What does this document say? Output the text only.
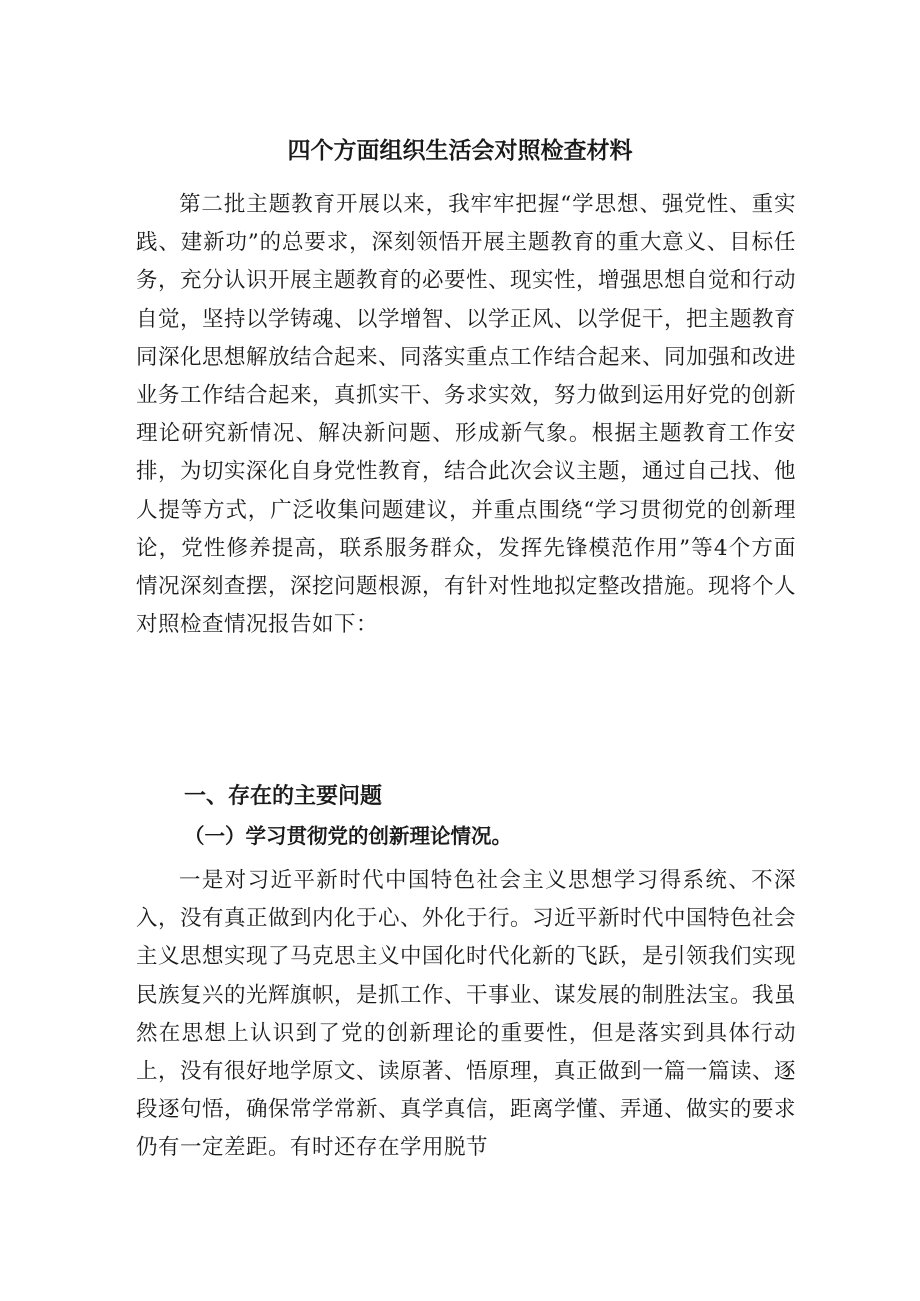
四个方面组织生活会对照检查材料

第二批主题教育开展以来，我牢牢把握“学思想、强党性、重实践、建新功”的总要求，深刻领悟开展主题教育的重大意义、目标任务，充分认识开展主题教育的必要性、现实性，增强思想自觉和行动自觉，坚持以学铸魂、以学增智、以学正风、以学促干，把主题教育同深化思想解放结合起来、同落实重点工作结合起来、同加强和改进业务工作结合起来，真抓实干、务求实效，努力做到运用好党的创新理论研究新情况、解决新问题、形成新气象。根据主题教育工作安排，为切实深化自身党性教育，结合此次会议主题，通过自己找、他人提等方式，广泛收集问题建议，并重点围绕“学习贯彻党的创新理论，党性修养提高，联系服务群众，发挥先锋模范作用”等4个方面情况深刻查摆，深挖问题根源，有针对性地拟定整改措施。现将个人对照检查情况报告如下：

一、存在的主要问题
（一）学习贯彻党的创新理论情况。

一是对习近平新时代中国特色社会主义思想学习得系统、不深入，没有真正做到内化于心、外化于行。习近平新时代中国特色社会主义思想实现了马克思主义中国化时代化新的飞跃，是引领我们实现民族复兴的光辉旗帜，是抓工作、干事业、谋发展的制胜法宝。我虽然在思想上认识到了党的创新理论的重要性，但是落实到具体行动上，没有很好地学原文、读原著、悟原理，真正做到一篇一篇读、逐段逐句悟，确保常学常新、真学真信，距离学懂、弄通、做实的要求仍有一定差距。有时还存在学用脱节
